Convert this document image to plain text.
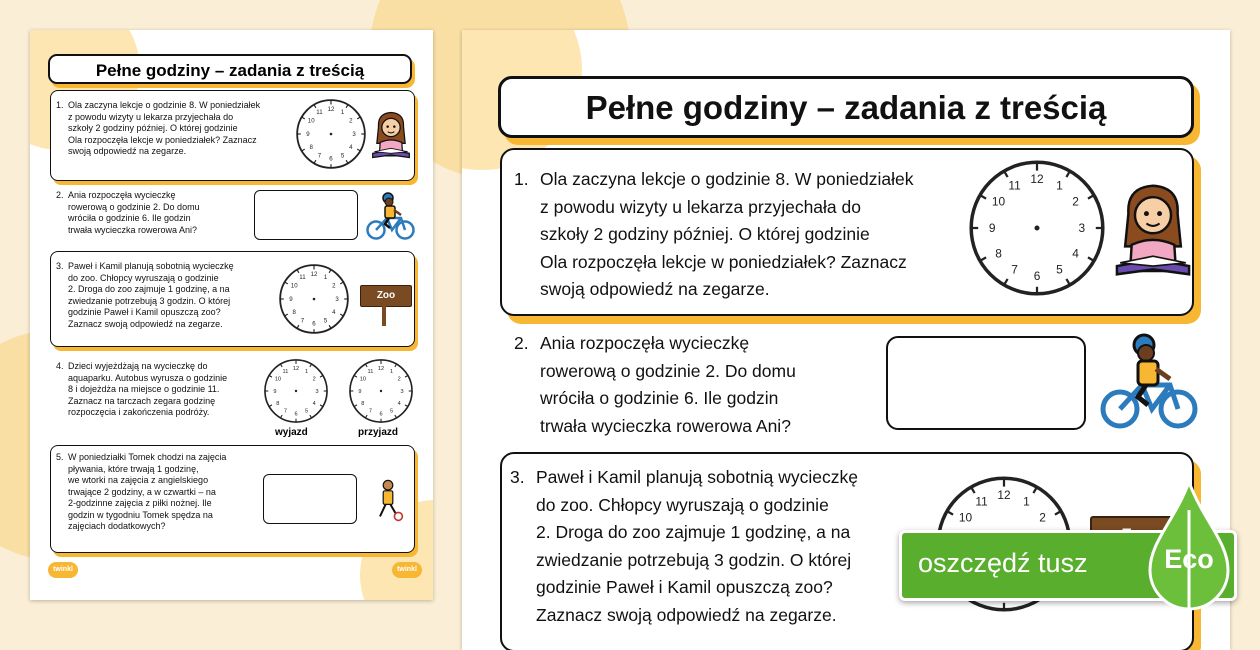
Pełne godziny – zadania z treścią
1. Ola zaczyna lekcje o godzinie 8. W poniedziałek
z powodu wizyty u lekarza przyjechała do
szkoły 2 godziny później. O której godzinie
Ola rozpoczęła lekcje w poniedziałek? Zaznacz
swoją odpowiedź na zegarze.
2. Ania rozpoczęła wycieczkę
rowerową o godzinie 2. Do domu
wróciła o godzinie 6. Ile godzin
trwała wycieczka rowerowa Ani?
3. Paweł i Kamil planują sobotnią wycieczkę
do zoo. Chłopcy wyruszają o godzinie
2. Droga do zoo zajmuje 1 godzinę, a na
zwiedzanie potrzebują 3 godzin. O której
godzinie Paweł i Kamil opuszczą zoo?
Zaznacz swoją odpowiedź na zegarze.
Zoo
4. Dzieci wyjeżdżają na wycieczkę do
aquaparku. Autobus wyrusza o godzinie
8 i dojeżdża na miejsce o godzinie 11.
Zaznacz na tarczach zegara godzinę
rozpoczęcia i zakończenia podróży.
wyjazd	przyjazd
5. W poniedziałki Tomek chodzi na zajęcia
pływania, które trwają 1 godzinę,
we wtorki na zajęcia z angielskiego
trwające 2 godziny, a w czwartki – na
2-godzinne zajęcia z piłki nożnej. Ile
godzin w tygodniu Tomek spędza na
zajęciach dodatkowych?
twinkl	twinkl
Pełne godziny – zadania z treścią
1. Ola zaczyna lekcje o godzinie 8. W poniedziałek
z powodu wizyty u lekarza przyjechała do
szkoły 2 godziny później. O której godzinie
Ola rozpoczęła lekcje w poniedziałek? Zaznacz
swoją odpowiedź na zegarze.
2. Ania rozpoczęła wycieczkę
rowerową o godzinie 2. Do domu
wróciła o godzinie 6. Ile godzin
trwała wycieczka rowerowa Ani?
3. Paweł i Kamil planują sobotnią wycieczkę
do zoo. Chłopcy wyruszają o godzinie
2. Droga do zoo zajmuje 1 godzinę, a na
zwiedzanie potrzebują 3 godzin. O której
godzinie Paweł i Kamil opuszczą zoo?
Zaznacz swoją odpowiedź na zegarze.
oszczędź tusz	Eco
